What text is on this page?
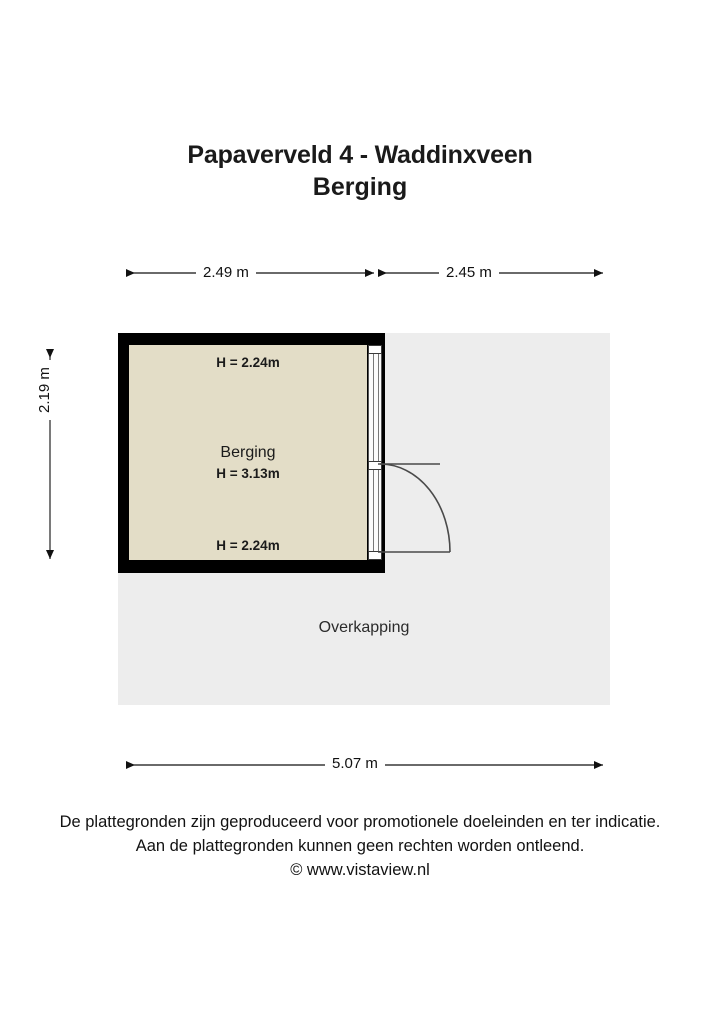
Papaverveld 4 - Waddinxveen
Berging
Overkapping
H = 2.24m
Berging
H = 3.13m
H = 2.24m
2.49 m	2.45 m
2.19 m
5.07 m
De plattegronden zijn geproduceerd voor promotionele doeleinden en ter indicatie.
Aan de plattegronden kunnen geen rechten worden ontleend.
© www.vistaview.nl
